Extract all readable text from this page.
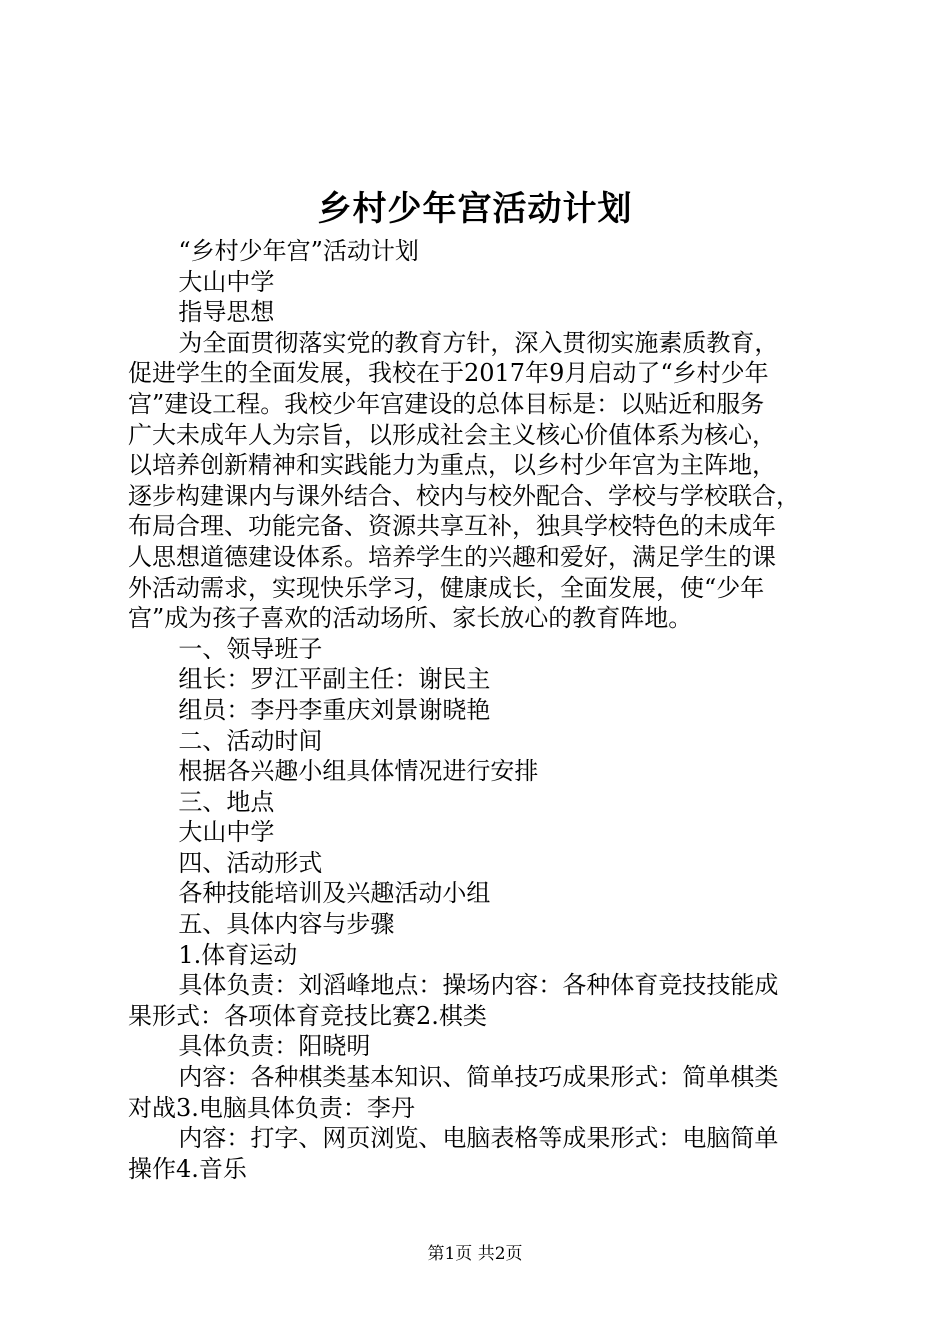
乡村少年宫活动计划
“乡村少年宫”活动计划
大山中学
指导思想
为全面贯彻落实党的教育方针，深入贯彻实施素质教育，
促进学生的全面发展，我校在于2017年9月启动了“乡村少年
宫”建设工程。我校少年宫建设的总体目标是：以贴近和服务
广大未成年人为宗旨，以形成社会主义核心价值体系为核心，
以培养创新精神和实践能力为重点，以乡村少年宫为主阵地，
逐步构建课内与课外结合、校内与校外配合、学校与学校联合，
布局合理、功能完备、资源共享互补，独具学校特色的未成年
人思想道德建设体系。培养学生的兴趣和爱好，满足学生的课
外活动需求，实现快乐学习，健康成长，全面发展，使“少年
宫”成为孩子喜欢的活动场所、家长放心的教育阵地。
一、领导班子
组长：罗江平副主任：谢民主
组员：李丹李重庆刘景谢晓艳
二、活动时间
根据各兴趣小组具体情况进行安排
三、地点
大山中学
四、活动形式
各种技能培训及兴趣活动小组
五、具体内容与步骤
1.体育运动
具体负责：刘滔峰地点：操场内容：各种体育竞技技能成
果形式：各项体育竞技比赛2.棋类
具体负责：阳晓明
内容：各种棋类基本知识、简单技巧成果形式：简单棋类
对战3.电脑具体负责：李丹
内容：打字、网页浏览、电脑表格等成果形式：电脑简单
操作4.音乐
第1页 共2页
